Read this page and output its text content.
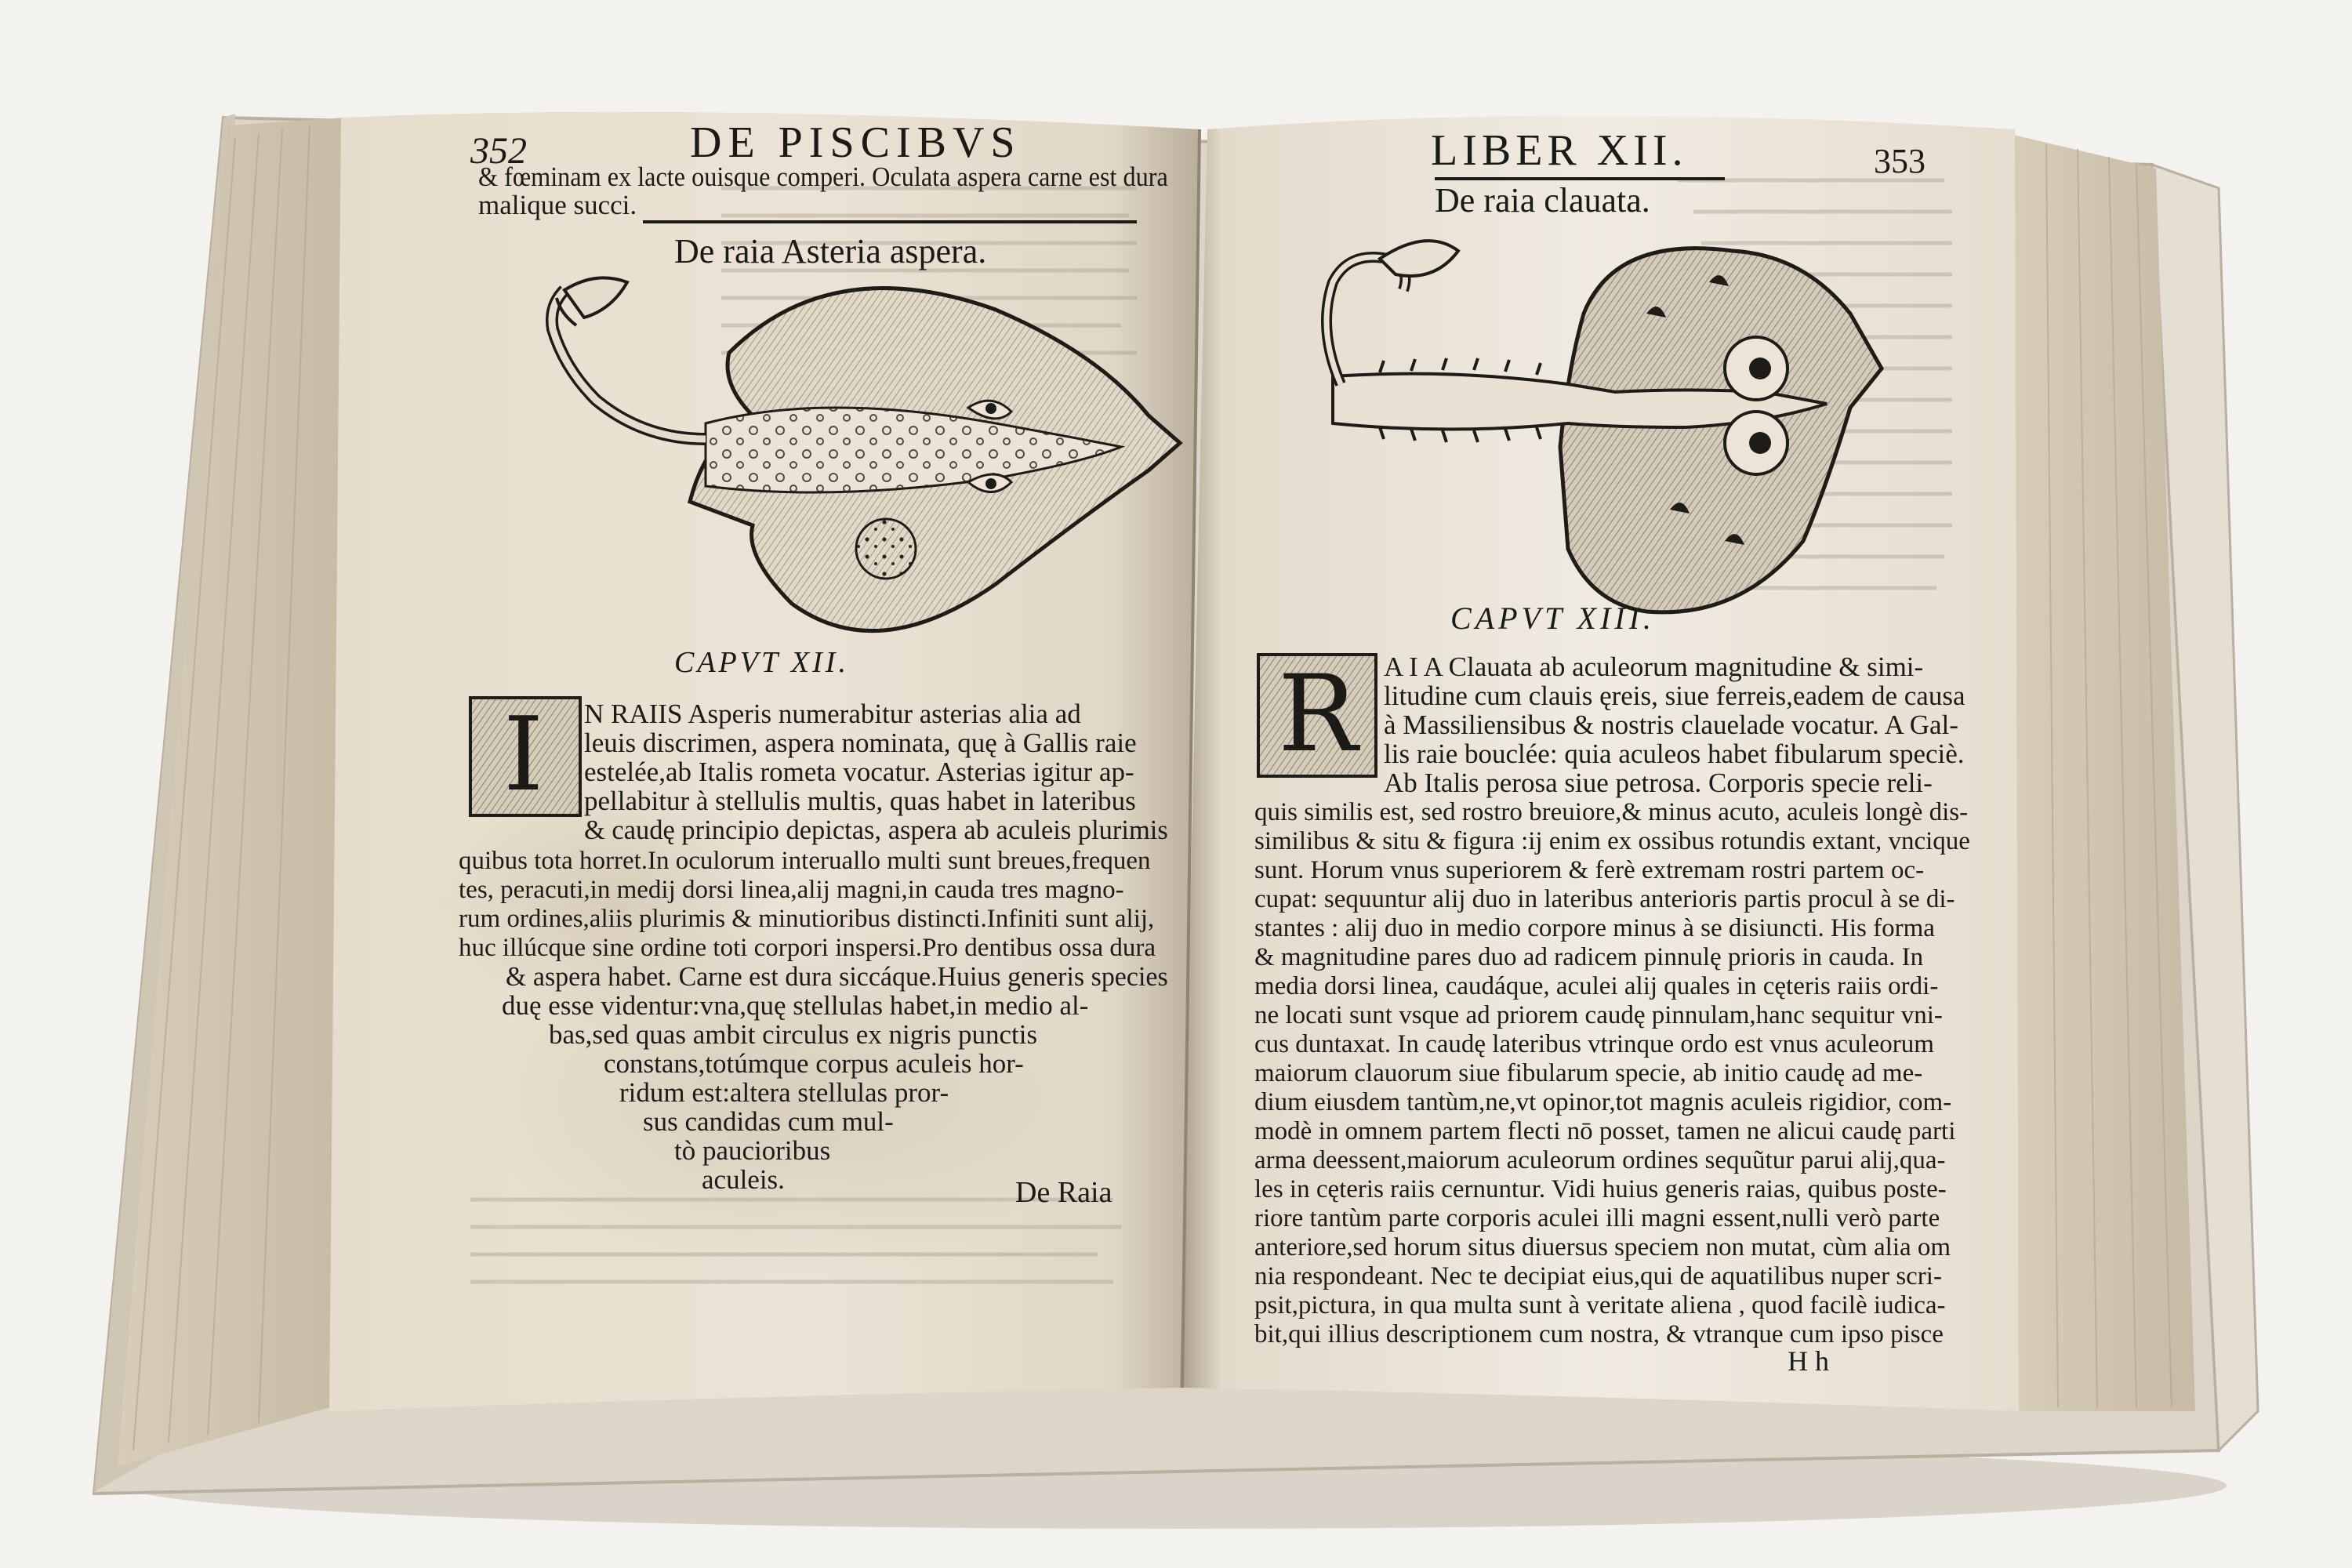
352	DE PISCIBVS
& fœminam ex lacte ouisque comperi. Oculata aspera carne est dura
malique succi.
De raia Asteria aspera.
CAPVT XII.
I N RAIIS Asperis numerabitur asterias alia ad
leuis discrimen, aspera nominata, quę à Gallis raie
estelée,ab Italis rometa vocatur. Asterias igitur ap-
pellabitur à stellulis multis, quas habet in lateribus
& caudę principio depictas, aspera ab aculeis plurimis
quibus tota horret.In oculorum interuallo multi sunt breues,frequen
tes, peracuti,in medij dorsi linea,alij magni,in cauda tres magno-
rum ordines,aliis plurimis & minutioribus distincti.Infiniti sunt alij,
huc illúcque sine ordine toti corpori inspersi.Pro dentibus ossa dura
& aspera habet. Carne est dura siccáque.Huius generis species
duę esse videntur:vna,quę stellulas habet,in medio al-
bas,sed quas ambit circulus ex nigris punctis
constans,totúmque corpus aculeis hor-
ridum est:altera stellulas pror-
sus candidas cum mul-
tò paucioribus
aculeis.	De Raia
LIBER XII.	353
De raia clauata.
CAPVT XIII.
R A I A Clauata ab aculeorum magnitudine & simi-
litudine cum clauis ęreis, siue ferreis,eadem de causa
à Massiliensibus & nostris clauelade vocatur. A Gal-
lis raie bouclée: quia aculeos habet fibularum speciè.
Ab Italis perosa siue petrosa. Corporis specie reli-
quis similis est, sed rostro breuiore,& minus acuto, aculeis longè dis-
similibus & situ & figura :ij enim ex ossibus rotundis extant, vncique
sunt. Horum vnus superiorem & ferè extremam rostri partem oc-
cupat: sequuntur alij duo in lateribus anterioris partis procul à se di-
stantes : alij duo in medio corpore minus à se disiuncti. His forma
& magnitudine pares duo ad radicem pinnulę prioris in cauda. In
media dorsi linea, caudáque, aculei alij quales in cęteris raiis ordi-
ne locati sunt vsque ad priorem caudę pinnulam,hanc sequitur vni-
cus duntaxat. In caudę lateribus vtrinque ordo est vnus aculeorum
maiorum clauorum siue fibularum specie, ab initio caudę ad me-
dium eiusdem tantùm,ne,vt opinor,tot magnis aculeis rigidior, com-
modè in omnem partem flecti nō posset, tamen ne alicui caudę parti
arma deessent,maiorum aculeorum ordines sequũtur parui alij,qua-
les in cęteris raiis cernuntur. Vidi huius generis raias, quibus poste-
riore tantùm parte corporis aculei illi magni essent,nulli verò parte
anteriore,sed horum situs diuersus speciem non mutat, cùm alia om
nia respondeant. Nec te decipiat eius,qui de aquatilibus nuper scri-
psit,pictura, in qua multa sunt à veritate aliena , quod facilè iudica-
bit,qui illius descriptionem cum nostra, & vtranque cum ipso pisce
H h
